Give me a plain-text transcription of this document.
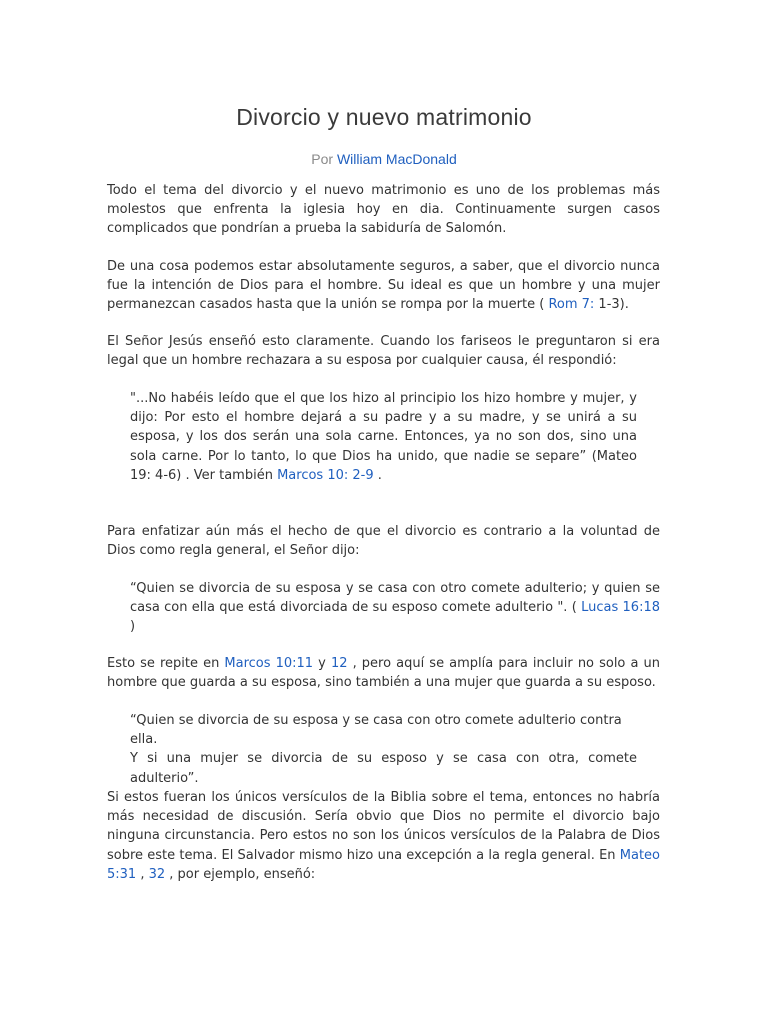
Divorcio y nuevo matrimonio
Por William MacDonald
Todo el tema del divorcio y el nuevo matrimonio es uno de los problemas más molestos que enfrenta la iglesia hoy en dia. Continuamente surgen casos complicados que pondrían a prueba la sabiduría de Salomón.
De una cosa podemos estar absolutamente seguros, a saber, que el divorcio nunca fue la intención de Dios para el hombre. Su ideal es que un hombre y una mujer permanezcan casados hasta que la unión se rompa por la muerte ( Rom 7: 1-3).
El Señor Jesús enseñó esto claramente. Cuando los fariseos le preguntaron si era legal que un hombre rechazara a su esposa por cualquier causa, él respondió:
"...No habéis leído que el que los hizo al principio los hizo hombre y mujer, y dijo: Por esto el hombre dejará a su padre y a su madre, y se unirá a su esposa, y los dos serán una sola carne. Entonces, ya no son dos, sino una sola carne. Por lo tanto, lo que Dios ha unido, que nadie se separe” (Mateo 19: 4-6) . Ver también Marcos 10: 2-9 .
Para enfatizar aún más el hecho de que el divorcio es contrario a la voluntad de Dios como regla general, el Señor dijo:
“Quien se divorcia de su esposa y se casa con otro comete adulterio; y quien se casa con ella que está divorciada de su esposo comete adulterio ". ( Lucas 16:18 )
Esto se repite en Marcos 10:11 y 12 , pero aquí se amplía para incluir no solo a un hombre que guarda a su esposa, sino también a una mujer que guarda a su esposo.
“Quien se divorcia de su esposa y se casa con otro comete adulterio contra ella.
Y si una mujer se divorcia de su esposo y se casa con otra, comete adulterio”.
Si estos fueran los únicos versículos de la Biblia sobre el tema, entonces no habría más necesidad de discusión. Sería obvio que Dios no permite el divorcio bajo ninguna circunstancia. Pero estos no son los únicos versículos de la Palabra de Dios sobre este tema. El Salvador mismo hizo una excepción a la regla general. En Mateo 5:31 , 32 , por ejemplo, enseñó:
